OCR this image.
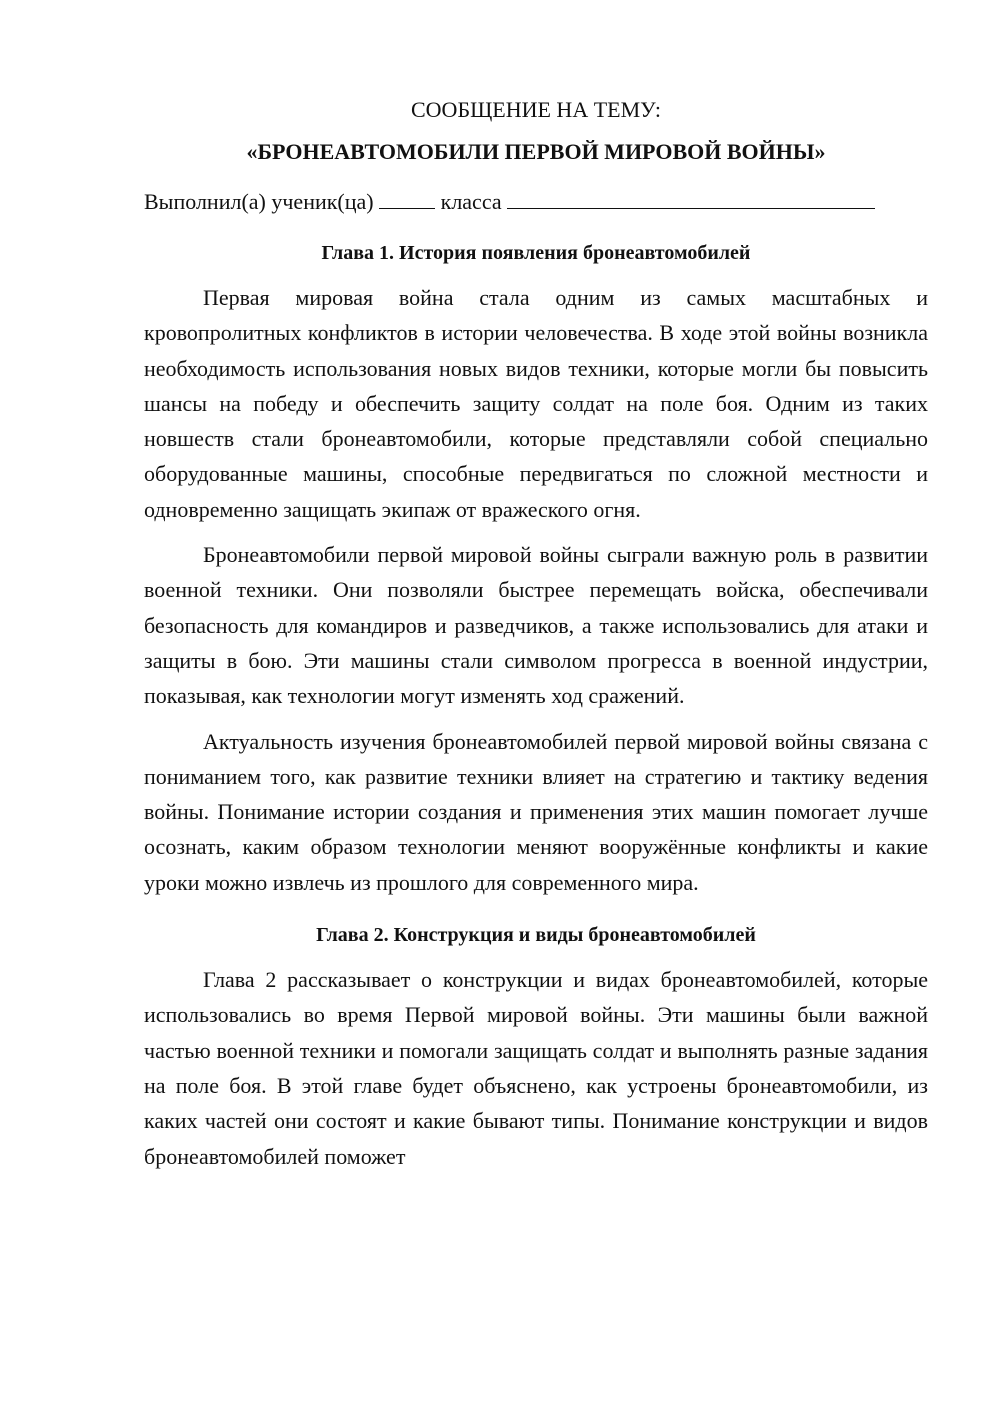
СООБЩЕНИЕ НА ТЕМУ:
«БРОНЕАВТОМОБИЛИ ПЕРВОЙ МИРОВОЙ ВОЙНЫ»

Выполнил(а) ученик(ца)	класса

Глава 1. История появления бронеавтомобилей

Первая мировая война стала одним из самых масштабных и кровопролитных конфликтов в истории человечества. В ходе этой войны возникла необходимость использования новых видов техники, которые могли бы повысить шансы на победу и обеспечить защиту солдат на поле боя. Одним из таких новшеств стали бронеавтомобили, которые представляли собой специально оборудованные машины, способные передвигаться по сложной местности и одновременно защищать экипаж от вражеского огня.

Бронеавтомобили первой мировой войны сыграли важную роль в развитии военной техники. Они позволяли быстрее перемещать войска, обеспечивали безопасность для командиров и разведчиков, а также использовались для атаки и защиты в бою. Эти машины стали символом прогресса в военной индустрии, показывая, как технологии могут изменять ход сражений.

Актуальность изучения бронеавтомобилей первой мировой войны связана с пониманием того, как развитие техники влияет на стратегию и тактику ведения войны. Понимание истории создания и применения этих машин помогает лучше осознать, каким образом технологии меняют вооружённые конфликты и какие уроки можно извлечь из прошлого для современного мира.

Глава 2. Конструкция и виды бронеавтомобилей

Глава 2 рассказывает о конструкции и видах бронеавтомобилей, которые использовались во время Первой мировой войны. Эти машины были важной частью военной техники и помогали защищать солдат и выполнять разные задания на поле боя. В этой главе будет объяснено, как устроены бронеавтомобили, из каких частей они состоят и какие бывают типы. Понимание конструкции и видов бронеавтомобилей поможет
